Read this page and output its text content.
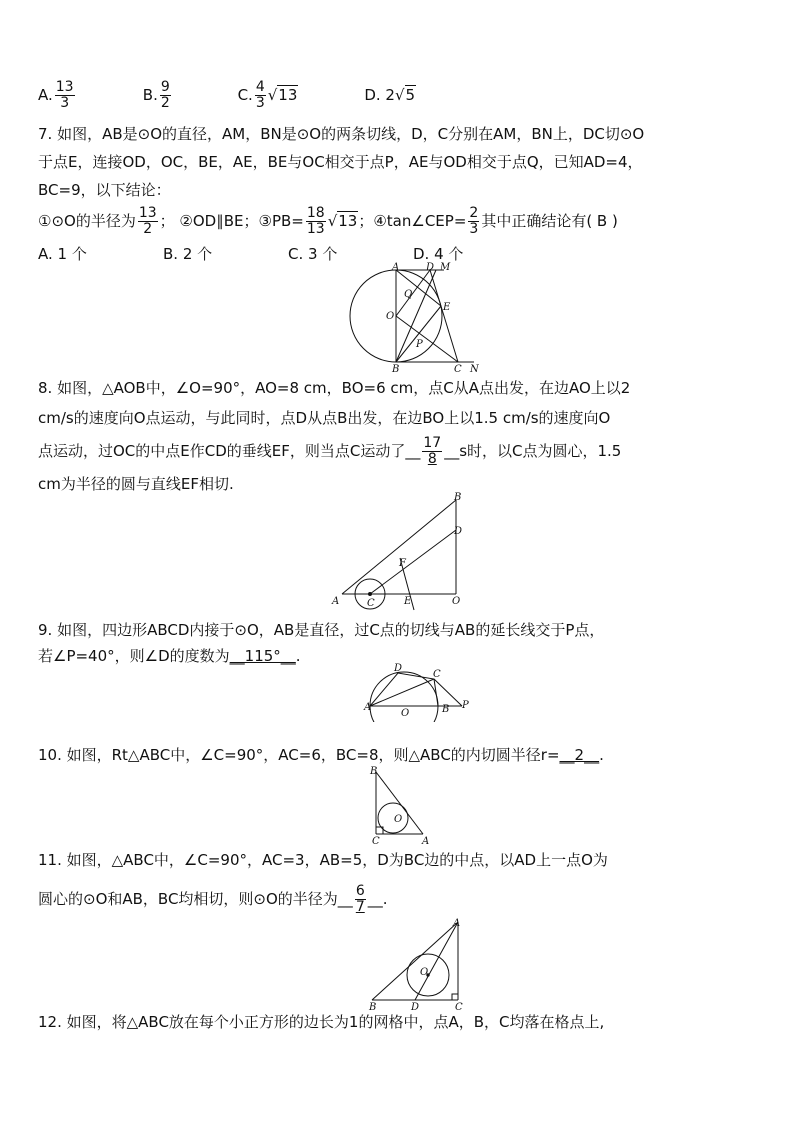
A. $\frac{13}{3}$	B. $\frac{9}{2}$	C. $\frac{4}{3} √13$	D. 2√5
7. 如图，AB是⊙O的直径，AM，BN是⊙O的两条切线，D，C分别在AM，BN上，DC切⊙O
于点E，连接OD，OC，BE，AE，BE与OC相交于点P，AE与OD相交于点Q，已知AD=4，
BC=9，以下结论：
①⊙O的半径为 $\frac{13}{2}$ ； ②OD∥BE；③PB= $\frac{18}{13} √13$；④tan∠CEP= $\frac{2}{3}$ 其中正确结论有( B )
A. 1 个	B. 2 个	C. 3 个	D. 4 个
A	D M
Q
E
O
P
B	C N
8. 如图，△AOB中，∠O=90°，AO=8 cm，BO=6 cm，点C从A点出发，在边AO上以2
cm/s的速度向O点运动，与此同时，点D从点B出发，在边BO上以1.5 cm/s的速度向O
点运动，过OC的中点E作CD的垂线EF，则当点C运动了__ $\frac{17}{8}$ __s时，以C点为圆心，1.5
cm为半径的圆与直线EF相切.
B
D
F
A	C	E	O
9. 如图，四边形ABCD内接于⊙O，AB是直径，过C点的切线与AB的延长线交于P点，
若∠P=40°，则∠D的度数为__115°__.
D
C
A
O	B P
10. 如图，Rt△ABC中，∠C=90°，AC=6，BC=8，则△ABC的内切圆半径r=__2__.
B
O
C	A
11. 如图，△ABC中，∠C=90°，AC=3，AB=5，D为BC边的中点，以AD上一点O为
圆心的⊙O和AB，BC均相切，则⊙O的半径为__ $\frac{6}{7}$ __.
A
O
B	D	C
12. 如图，将△ABC放在每个小正方形的边长为1的网格中，点A，B，C均落在格点上,
